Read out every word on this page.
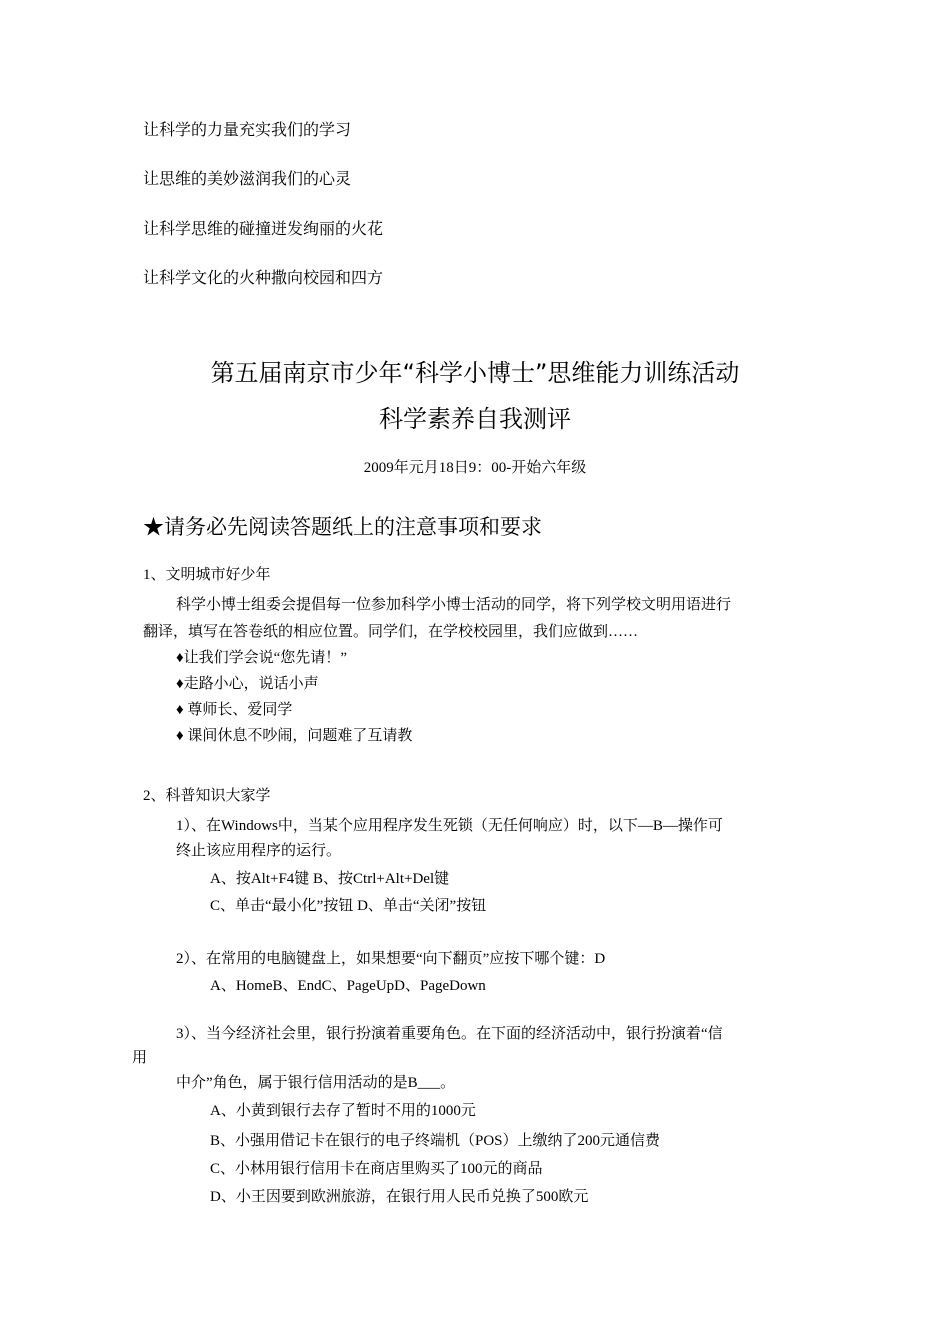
让科学的力量充实我们的学习
让思维的美妙滋润我们的心灵
让科学思维的碰撞迸发绚丽的火花
让科学文化的火种撒向校园和四方
第五届南京市少年“科学小博士”思维能力训练活动
科学素养自我测评
2009年元月18日9：00-开始六年级
★请务必先阅读答题纸上的注意事项和要求
1、文明城市好少年
科学小博士组委会提倡每一位参加科学小博士活动的同学，将下列学校文明用语进行
翻译，填写在答卷纸的相应位置。同学们，在学校校园里，我们应做到……
♦让我们学会说“您先请！”
♦走路小心，说话小声
♦ 尊师长、爱同学
♦ 课间休息不吵闹，问题难了互请教
2、科普知识大家学
1）、在Windows中，当某个应用程序发生死锁（无任何响应）时，以下—B—操作可
终止该应用程序的运行。
A、按Alt+F4键 B、按Ctrl+Alt+Del键
C、单击“最小化”按钮 D、单击“关闭”按钮
2）、在常用的电脑键盘上，如果想要“向下翻页”应按下哪个键：D
A、HomeB、EndC、PageUpD、PageDown
3）、当今经济社会里，银行扮演着重要角色。在下面的经济活动中，银行扮演着“信
用
中介”角色，属于银行信用活动的是B___。
A、小黄到银行去存了暂时不用的1000元
B、小强用借记卡在银行的电子终端机（POS）上缴纳了200元通信费
C、小林用银行信用卡在商店里购买了100元的商品
D、小王因要到欧洲旅游，在银行用人民币兑换了500欧元
